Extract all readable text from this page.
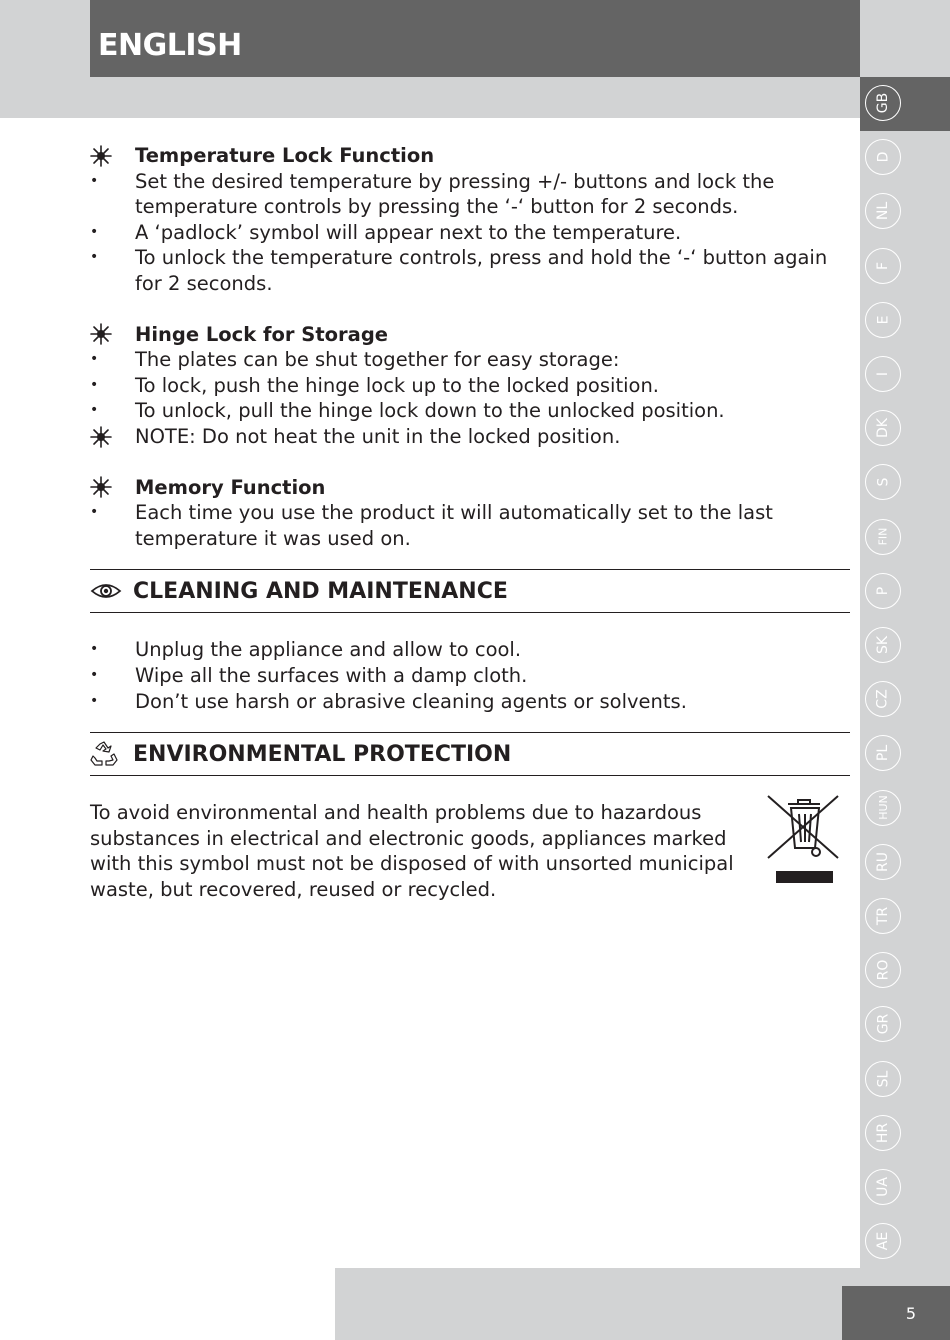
ENGLISH
GB
D
NL
F
E
I
DK
S
FIN
P
SK
CZ
PL
HUN
RU
TR
RO
GR
SL
HR
UA
AE
Temperature Lock Function
•	Set the desired temperature by pressing +/- buttons and lock the temperature controls by pressing the ‘-‘ button for 2 seconds.
•	A ‘padlock’ symbol will appear next to the temperature.
•	To unlock the temperature controls, press and hold the ‘-‘ button again for 2 seconds.
Hinge Lock for Storage
•	The plates can be shut together for easy storage:
•	To lock, push the hinge lock up to the locked position.
•	To unlock, pull the hinge lock down to the unlocked position.
NOTE: Do not heat the unit in the locked position.
Memory Function
•	Each time you use the product it will automatically set to the last temperature it was used on.
CLEANING AND MAINTENANCE
•	Unplug the appliance and allow to cool.
•	Wipe all the surfaces with a damp cloth.
•	Don’t use harsh or abrasive cleaning agents or solvents.
ENVIRONMENTAL PROTECTION
To avoid environmental and health problems due to hazardous substances in electrical and electronic goods, appliances marked with this symbol must not be disposed of with unsorted municipal waste, but recovered, reused or recycled.
5
